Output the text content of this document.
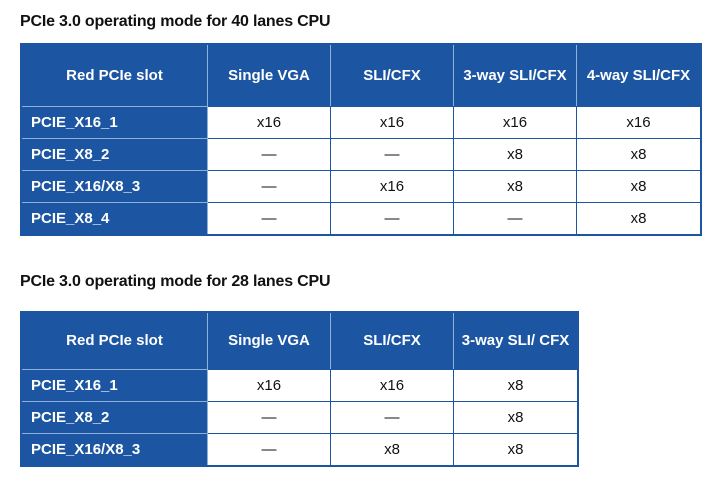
PCIe 3.0 operating mode for 40 lanes CPU
Red PCIe slot	Single VGA	SLI/CFX	3-way SLI/CFX	4-way SLI/CFX
PCIE_X16_1	x16	x16	x16	x16
PCIE_X8_2	—	—	x8	x8
PCIE_X16/X8_3	—	x16	x8	x8
PCIE_X8_4	—	—	—	x8
PCIe 3.0 operating mode for 28 lanes CPU
Red PCIe slot	Single VGA	SLI/CFX	3-way SLI/ CFX
PCIE_X16_1	x16	x16	x8
PCIE_X8_2	—	—	x8
PCIE_X16/X8_3	—	x8	x8
